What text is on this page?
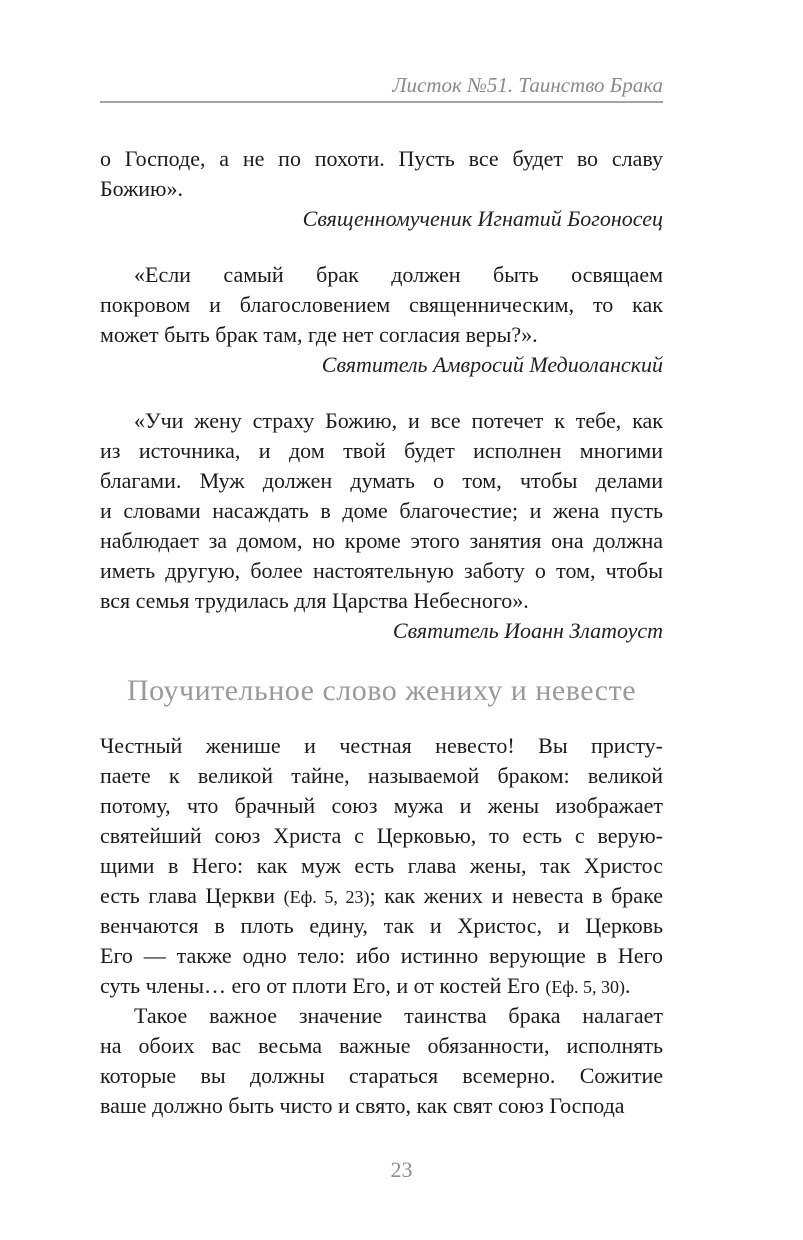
Листок №51. Таинство Брака
о Господе, а не по похоти. Пусть все будет во славу
Божию».
Священномученик Игнатий Богоносец
«Если самый брак должен быть освящаем
покровом и благословением священническим, то как
может быть брак там, где нет согласия веры?».
Святитель Амвросий Медиоланский
«Учи жену страху Божию, и все потечет к тебе, как
из источника, и дом твой будет исполнен многими
благами. Муж должен думать о том, чтобы делами
и словами насаждать в доме благочестие; и жена пусть
наблюдает за домом, но кроме этого занятия она должна
иметь другую, более настоятельную заботу о том, чтобы
вся семья трудилась для Царства Небесного».
Святитель Иоанн Златоуст
Поучительное слово жениху и невесте
Честный женише и честная невесто! Вы присту-
паете к великой тайне, называемой браком: великой
потому, что брачный союз мужа и жены изображает
святейший союз Христа с Церковью, то есть с верую-
щими в Него: как муж есть глава жены, так Христос
есть глава Церкви (Еф. 5, 23); как жених и невеста в браке
венчаются в плоть едину, так и Христос, и Церковь
Его — также одно тело: ибо истинно верующие в Него
суть члены… его от плоти Его, и от костей Его (Еф. 5, 30).
Такое важное значение таинства брака налагает
на обоих вас весьма важные обязанности, исполнять
которые вы должны стараться всемерно. Сожитие
ваше должно быть чисто и свято, как свят союз Господа
23
